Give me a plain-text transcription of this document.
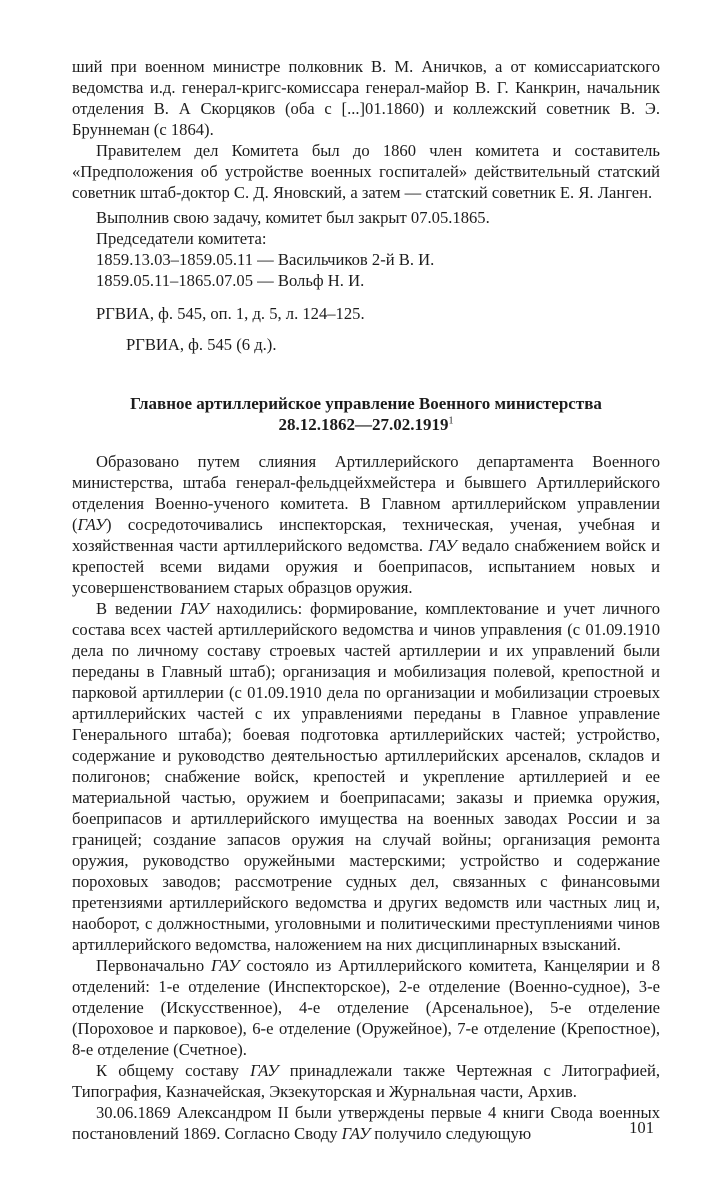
ший при военном министре полковник В. М. Аничков, а от комиссариатского ведомства и.д. генерал-кригс-комиссара генерал-майор В. Г. Канкрин, начальник отделения В. А Скорцяков (оба с [...]01.1860) и коллежский советник В. Э. Бруннеман (с 1864).

Правителем дел Комитета был до 1860 член комитета и составитель «Предположения об устройстве военных госпиталей» действительный статский советник штаб-доктор С. Д. Яновский, а затем — статский советник Е. Я. Ланген.

Выполнив свою задачу, комитет был закрыт 07.05.1865.

Председатели комитета:
1859.13.03–1859.05.11 — Васильчиков 2-й В. И.
1859.05.11–1865.07.05 — Вольф Н. И.
РГВИА, ф. 545, оп. 1, д. 5, л. 124–125.
РГВИА, ф. 545 (6 д.).
Главное артиллерийское управление Военного министерства
28.12.1862—27.02.1919$^1$

Образовано путем слияния Артиллерийского департамента Военного министерства, штаба генерал-фельдцейхмейстера и бывшего Артиллерийского отделения Военно-ученого комитета. В Главном артиллерийском управлении (ГАУ) сосредоточивались инспекторская, техническая, ученая, учебная и хозяйственная части артиллерийского ведомства. ГАУ ведало снабжением войск и крепостей всеми видами оружия и боеприпасов, испытанием новых и усовершенствованием старых образцов оружия.

В ведении ГАУ находились: формирование, комплектование и учет личного состава всех частей артиллерийского ведомства и чинов управления (с 01.09.1910 дела по личному составу строевых частей артиллерии и их управлений были переданы в Главный штаб); организация и мобилизация полевой, крепостной и парковой артиллерии (с 01.09.1910 дела по организации и мобилизации строевых артиллерийских частей с их управлениями переданы в Главное управление Генерального штаба); боевая подготовка артиллерийских частей; устройство, содержание и руководство деятельностью артиллерийских арсеналов, складов и полигонов; снабжение войск, крепостей и укрепление артиллерией и ее материальной частью, оружием и боеприпасами; заказы и приемка оружия, боеприпасов и артиллерийского имущества на военных заводах России и за границей; создание запасов оружия на случай войны; организация ремонта оружия, руководство оружейными мастерскими; устройство и содержание пороховых заводов; рассмотрение судных дел, связанных с финансовыми претензиями артиллерийского ведомства и других ведомств или частных лиц и, наоборот, с должностными, уголовными и политическими преступлениями чинов артиллерийского ведомства, наложением на них дисциплинарных взысканий.

Первоначально ГАУ состояло из Артиллерийского комитета, Канцелярии и 8 отделений: 1-е отделение (Инспекторское), 2-е отделение (Военно-судное), 3-е отделение (Искусственное), 4-е отделение (Арсенальное), 5-е отделение (Пороховое и парковое), 6-е отделение (Оружейное), 7-е отделение (Крепостное), 8-е отделение (Счетное).

К общему составу ГАУ принадлежали также Чертежная с Литографией, Типография, Казначейская, Экзекуторская и Журнальная части, Архив.

30.06.1869 Александром II были утверждены первые 4 книги Свода военных постановлений 1869. Согласно Своду ГАУ получило следующую	101
